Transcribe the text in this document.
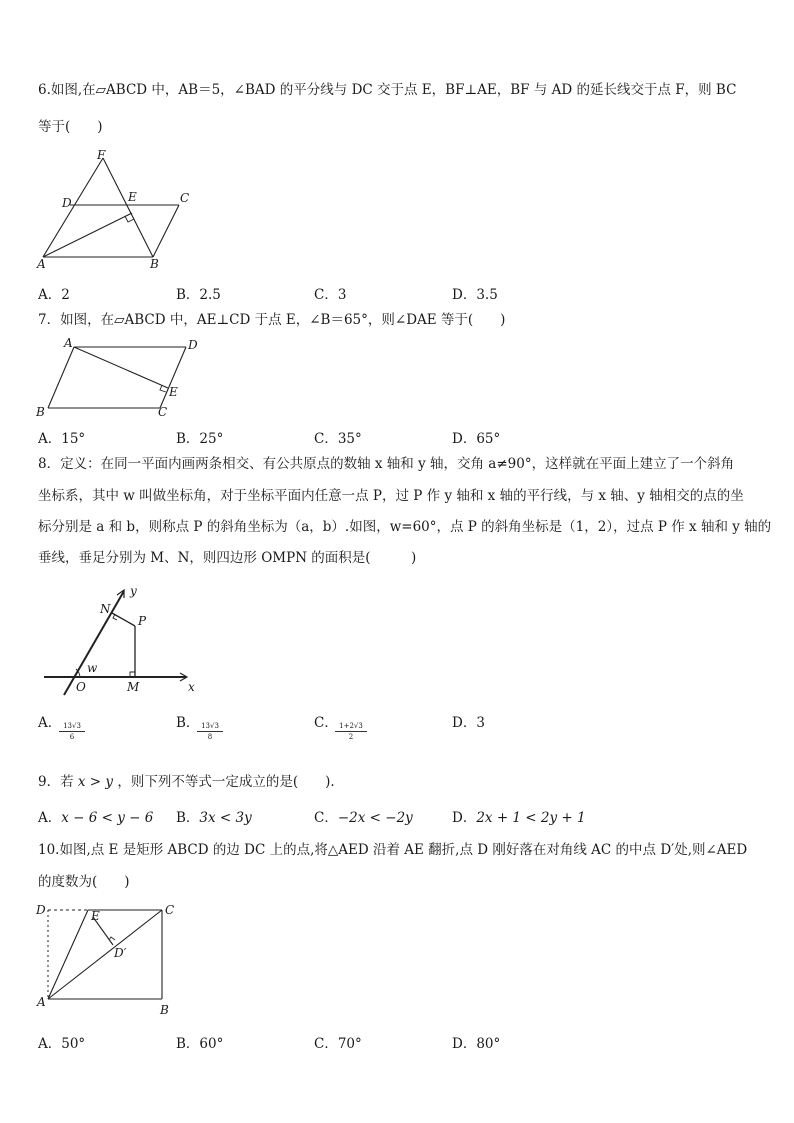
6.如图,在▱ABCD 中，AB＝5，∠BAD 的平分线与 DC 交于点 E，BF⊥AE，BF 与 AD 的延长线交于点 F，则 BC
等于(　　)
F
D	E	C
A	B
A．2	B．2.5	C．3	D．3.5
7．如图，在▱ABCD 中，AE⊥CD 于点 E，∠B＝65°，则∠DAE 等于(　　)
A	D
E
B	C
A．15°	B．25°	C．35°	D．65°
8．定义：在同一平面内画两条相交、有公共原点的数轴 x 轴和 y 轴，交角 a≠90°，这样就在平面上建立了一个斜角
坐标系，其中 w 叫做坐标角，对于坐标平面内任意一点 P，过 P 作 y 轴和 x 轴的平行线，与 x 轴、y 轴相交的点的坐
标分别是 a 和 b，则称点 P 的斜角坐标为（a，b）.如图，w=60°，点 P 的斜角坐标是（1，2），过点 P 作 x 轴和 y 轴的
垂线，垂足分别为 M、N，则四边形 OMPN 的面积是(　　　)
y
N
P
w
O	M	x
A．
$\frac{13√3}{6}$	B．
$\frac{13√3}{8}$	C．
$\frac{1+2√3}{2}$	D．3
9．若 x > y ，则下列不等式一定成立的是(　　).
A．x − 6 < y − 6 B．3x < 3y	C．−2x < −2y	D．2x + 1 < 2y + 1
10.如图,点 E 是矩形 ABCD 的边 DC 上的点,将△AED 沿着 AE 翻折,点 D 刚好落在对角线 AC 的中点 D′处,则∠AED
的度数为(　　)
D	E	C
D′
A
B
A．50°	B．60°	C．70°	D．80°
